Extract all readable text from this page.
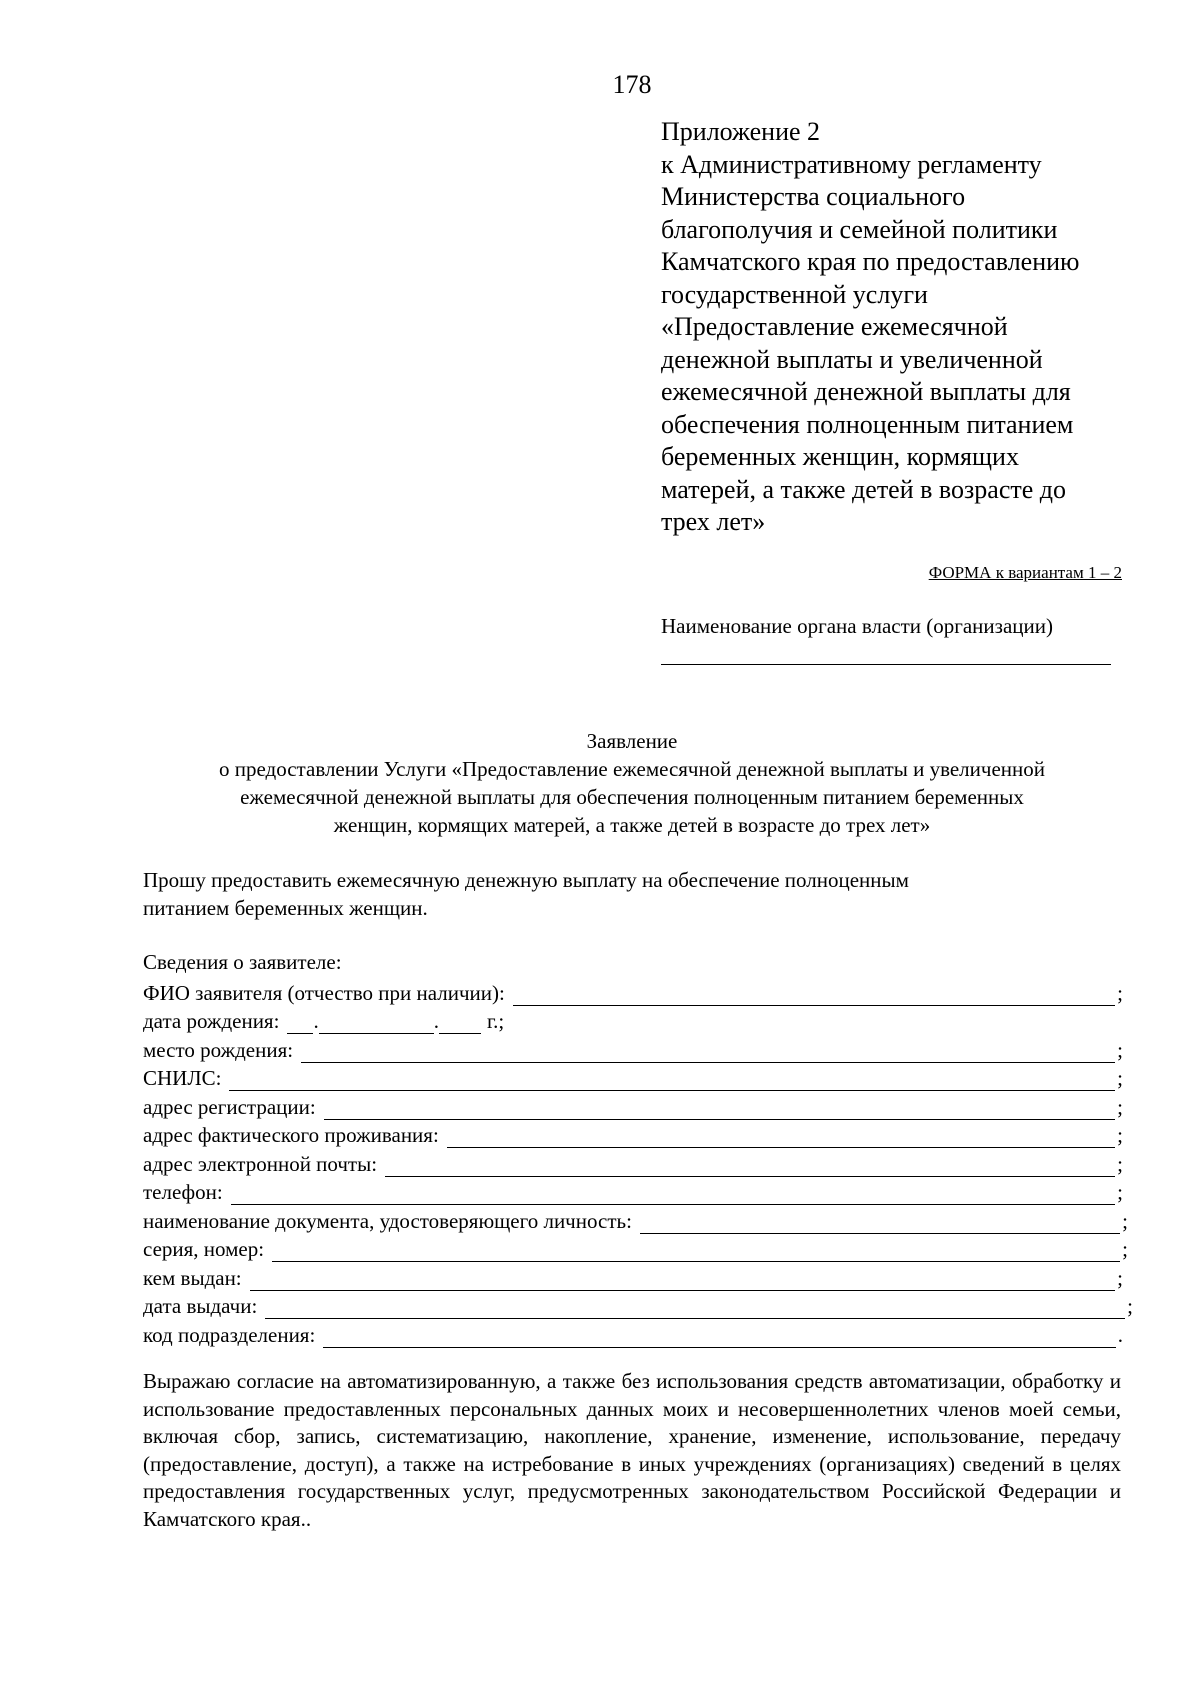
178
Приложение 2
к Административному регламенту
Министерства социального
благополучия и семейной политики
Камчатского края по предоставлению
государственной услуги
«Предоставление ежемесячной
денежной выплаты и увеличенной
ежемесячной денежной выплаты для
обеспечения полноценным питанием
беременных женщин, кормящих
матерей, а также детей в возрасте до
трех лет»
ФОРМА к вариантам 1 – 2
Наименование органа власти (организации)
Заявление
о предоставлении Услуги «Предоставление ежемесячной денежной выплаты и увеличенной
ежемесячной денежной выплаты для обеспечения полноценным питанием беременных
женщин, кормящих матерей, а также детей в возрасте до трех лет»
Прошу предоставить ежемесячную денежную выплату на обеспечение полноценным
питанием беременных женщин.
Сведения о заявителе:
ФИО заявителя (отчество при наличии):	;
дата рождения: .	. г.;
место рождения:	;
СНИЛС:	;
адрес регистрации:	;
адрес фактического проживания:	;
адрес электронной почты:	;
телефон:	;
наименование документа, удостоверяющего личность:	;
серия, номер:	;
кем выдан:	;
дата выдачи:	;
код подразделения:	.
Выражаю согласие на автоматизированную, а также без использования средств автоматизации, обработку и использование предоставленных персональных данных моих и несовершеннолетних членов моей семьи, включая сбор, запись, систематизацию, накопление, хранение, изменение, использование, передачу (предоставление, доступ), а также на истребование в иных учреждениях (организациях) сведений в целях предоставления государственных услуг, предусмотренных законодательством Российской Федерации и Камчатского края..
